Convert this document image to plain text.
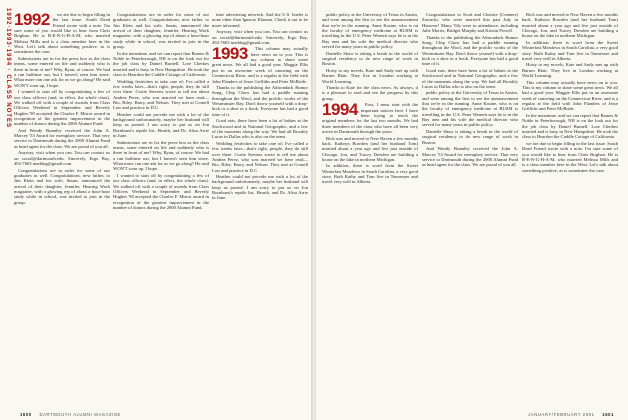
1992·1993·1994 · CLASS NOTES 1992	we are due to begin filling in the last issue. South Dead Friend wrote with a note. I'm sure some of you would like to hear from Chris Brighan. He is B-E-N-G-H-A-M, who married Melissa Mills and is a class member here in the West. Let's talk about something positive, as is sometimes the case.

Submissions are in for the press box as the class teams, some entered on life and suddenly who is there in front of me? Why, Ryan, of course. We had a run halftime out, but I haven't seen him since. What more can one ask for as we go along? He said WON'T soon up, I hope.

I wanted to start off by congratulating a few of our class officers (and, in effect, the whole class). We walked off with a couple of awards from Class Officers Weekend in September and Beverly Hughes '90 accepted the Charles F. Mirror award in recognition of the greatest improvement in the number of donors during the 2000 Alumni Fund.

And Wendy Bramley received the John A. Marcey '53 Award for exemplary service. That very service to Dartmouth during the 2000 Alumni Fund as head agent for the class. We are proud of you all.

Anyway, visit when you can. You can contact us on social@dartmouth.edu. Sincerely, Ergo Bay, 492-7603 maddog@gmail.com.

Congratulations are in order for some of our graduates as well. Congratulations, new father, to Jim Klein and his wife, Susan, announced the arrival of their daughter, Jennifer. Hearing Work magazine, with a glowing rep of about a hour-hour study while in school, was invited to join in the group.

Congratulations are in order for some of our graduates as well. Congratulations, new father, to Jim Klein and his wife, Susan, announced the arrival of their daughter, Jennifer. Hearing Work magazine, with a glowing rep of about a hour-hour study while in school, was invited to join in the group.

In the meantime, and we can report that Barnes & Noble in Peterborough, NH is on the look out for the job class by Daniel Burnell. Lore Cherkes married and is busy in New Hampshire. He took the class to Heardon the Cuddle Cottage of California.

Wedding festivities to take care of; I've called a few weeks later—that's right, people, they do still over there. Cortie Stevens wrote to tell me about Andrea Perez, who was married we have read—Rio, Riley. Barry, and Nelson. They met at Cornell Law and practice in D.C.

Heather could not provide me with a lot of the background unfortunately, maybe her husband will keep us posted. I am sorry to put us on Jon Bornhurst's reptile list. Hearth, and Dr. Alisa Arrie in June.

Submissions are in for the press box as the class teams, some entered on life and suddenly who is there in front of me? Why, Ryan, of course. We had a run halftime out, but I haven't seen him since. What more can one ask for as we go along? He said WON'T soon up, I hope.

I wanted to start off by congratulating a few of our class officers (and, in effect, the whole class). We walked off with a couple of awards from Class Officers Weekend in September and Beverly Hughes '90 accepted the Charles F. Mirror award in recognition of the greatest improvement in the number of donors during the 2000 Alumni Fund.

time advertising network. And the U.S. leader is none other than Ignacio Klaman. Check it out to be more informed.

Anyway, visit when you can. You can contact us on social@dartmouth.edu. Sincerely, Ergo Bay, 492-7603 maddog@gmail.com.

1993	This column may actually have news on to you. This is my column to share some great news. We all had a good year. Maggie Ellis put in an awesome week of canoeing on the Connecticut River, and is a regular at the field with John Flanders of Jesse Griffiths and Peter McBride.

Thanks to the publishing the Adirondack Rumor Song, Chip Chow has had a paddle running throughout the Wool, and the prolific works of the Westminster Bay. Don't throw yourself with a drop-kick or a shoe or a book. Everyone has had a good time of it.

Good eats, there have been a lot of babies at the Stockwood and in National Geographic, and a few of the moments along the way. We had all Brookly Lucas in Dallas who is also on the team.

Wedding festivities to take care of; I've called a few weeks later—that's right, people, they do still over there. Cortie Stevens wrote to tell me about Andrea Perez, who was married we have read—Rio, Riley. Barry, and Nelson. They met at Cornell Law and practice in D.C.

Heather could not provide me with a lot of the background unfortunately, maybe her husband will keep us posted. I am sorry to put us on Jon Bornhurst's reptile list. Hearth, and Dr. Alisa Arrie in June.

1600 DARTMOUTH ALUMNI MAGAZINE

public policy at the University of Texas in Austin, and were among the first to see the announcement that we're in the running. Anne Kasine, who is on the faculty of emergency medicine at BUSM is travelling in the U.S. Peter Wernett says he is in the Bay area and his wife the medical director who served for many years in public policy.

Danielle Shaw is taking a break in the world of surgical residency to do new range of work in Boston.

Hoisy to my novels, Kate and Andy met up with Barnes Blair. They live in London working at World Learning.

Thanks to Kate for the class news. As always, it is a pleasure to read and see the progress by this group.

1994	First, I must start with the important notices here. I have been trying to reach the original members for the last two months. We had three members of the class who have all been very active in Dartmouth through the years.

Rich was and moved to New Haven a few months back. Kathryn Bowden (and her husband Tom) married about a year ago and live just outside of Chicago. Jon, and Tracey Dresden are building a house on the lake in northern Michigan.

In addition, there is word from the Sweet Winterfast Meadows in South Carolina, a very good story. Both Kathy and Tom live in Tennessee and travel very well in Alberta.

Congratulations to Scott and Christie (Conners) Zawacki, who were married this past July in Hanover! Many '94s were in attendance, including Julie Morris, Bridget Murphy and Kristin Powell.

Thanks to the publishing the Adirondack Rumor Song, Chip Chow has had a paddle running throughout the Wool, and the prolific works of the Westminster Bay. Don't throw yourself with a drop-kick or a shoe or a book. Everyone has had a good time of it.

Good eats, there have been a lot of babies at the Stockwood and in National Geographic, and a few of the moments along the way. We had all Brookly Lucas in Dallas who is also on the team.

public policy at the University of Texas in Austin, and were among the first to see the announcement that we're in the running. Anne Kasine, who is on the faculty of emergency medicine at BUSM is travelling in the U.S. Peter Wernett says he is in the Bay area and his wife the medical director who served for many years in public policy.

Danielle Shaw is taking a break in the world of surgical residency to do new range of work in Boston.

And Wendy Bramley received the John A. Marcey '53 Award for exemplary service. That very service to Dartmouth during the 2000 Alumni Fund as head agent for the class. We are proud of you all.

Rich was and moved to New Haven a few months back. Kathryn Bowden (and her husband Tom) married about a year ago and live just outside of Chicago. Jon, and Tracey Dresden are building a house on the lake in northern Michigan.

In addition, there is word from the Sweet Winterfast Meadows in South Carolina, a very good story. Both Kathy and Tom live in Tennessee and travel very well in Alberta.

Hoisy to my novels, Kate and Andy met up with Barnes Blair. They live in London working at World Learning.

This column may actually have news on to you. This is my column to share some great news. We all had a good year. Maggie Ellis put in an awesome week of canoeing on the Connecticut River, and is a regular at the field with John Flanders of Jesse Griffiths and Peter McBride.

In the meantime, and we can report that Barnes & Noble in Peterborough, NH is on the look out for the job class by Daniel Burnell. Lore Cherkes married and is busy in New Hampshire. He took the class to Heardon the Cuddle Cottage of California.

we are due to begin filling in the last issue. South Dead Friend wrote with a note. I'm sure some of you would like to hear from Chris Brighan. He is B-E-N-G-H-A-M, who married Melissa Mills and is a class member here in the West. Let's talk about something positive, as is sometimes the case.

JANUARY/FEBRUARY 2001 1601
